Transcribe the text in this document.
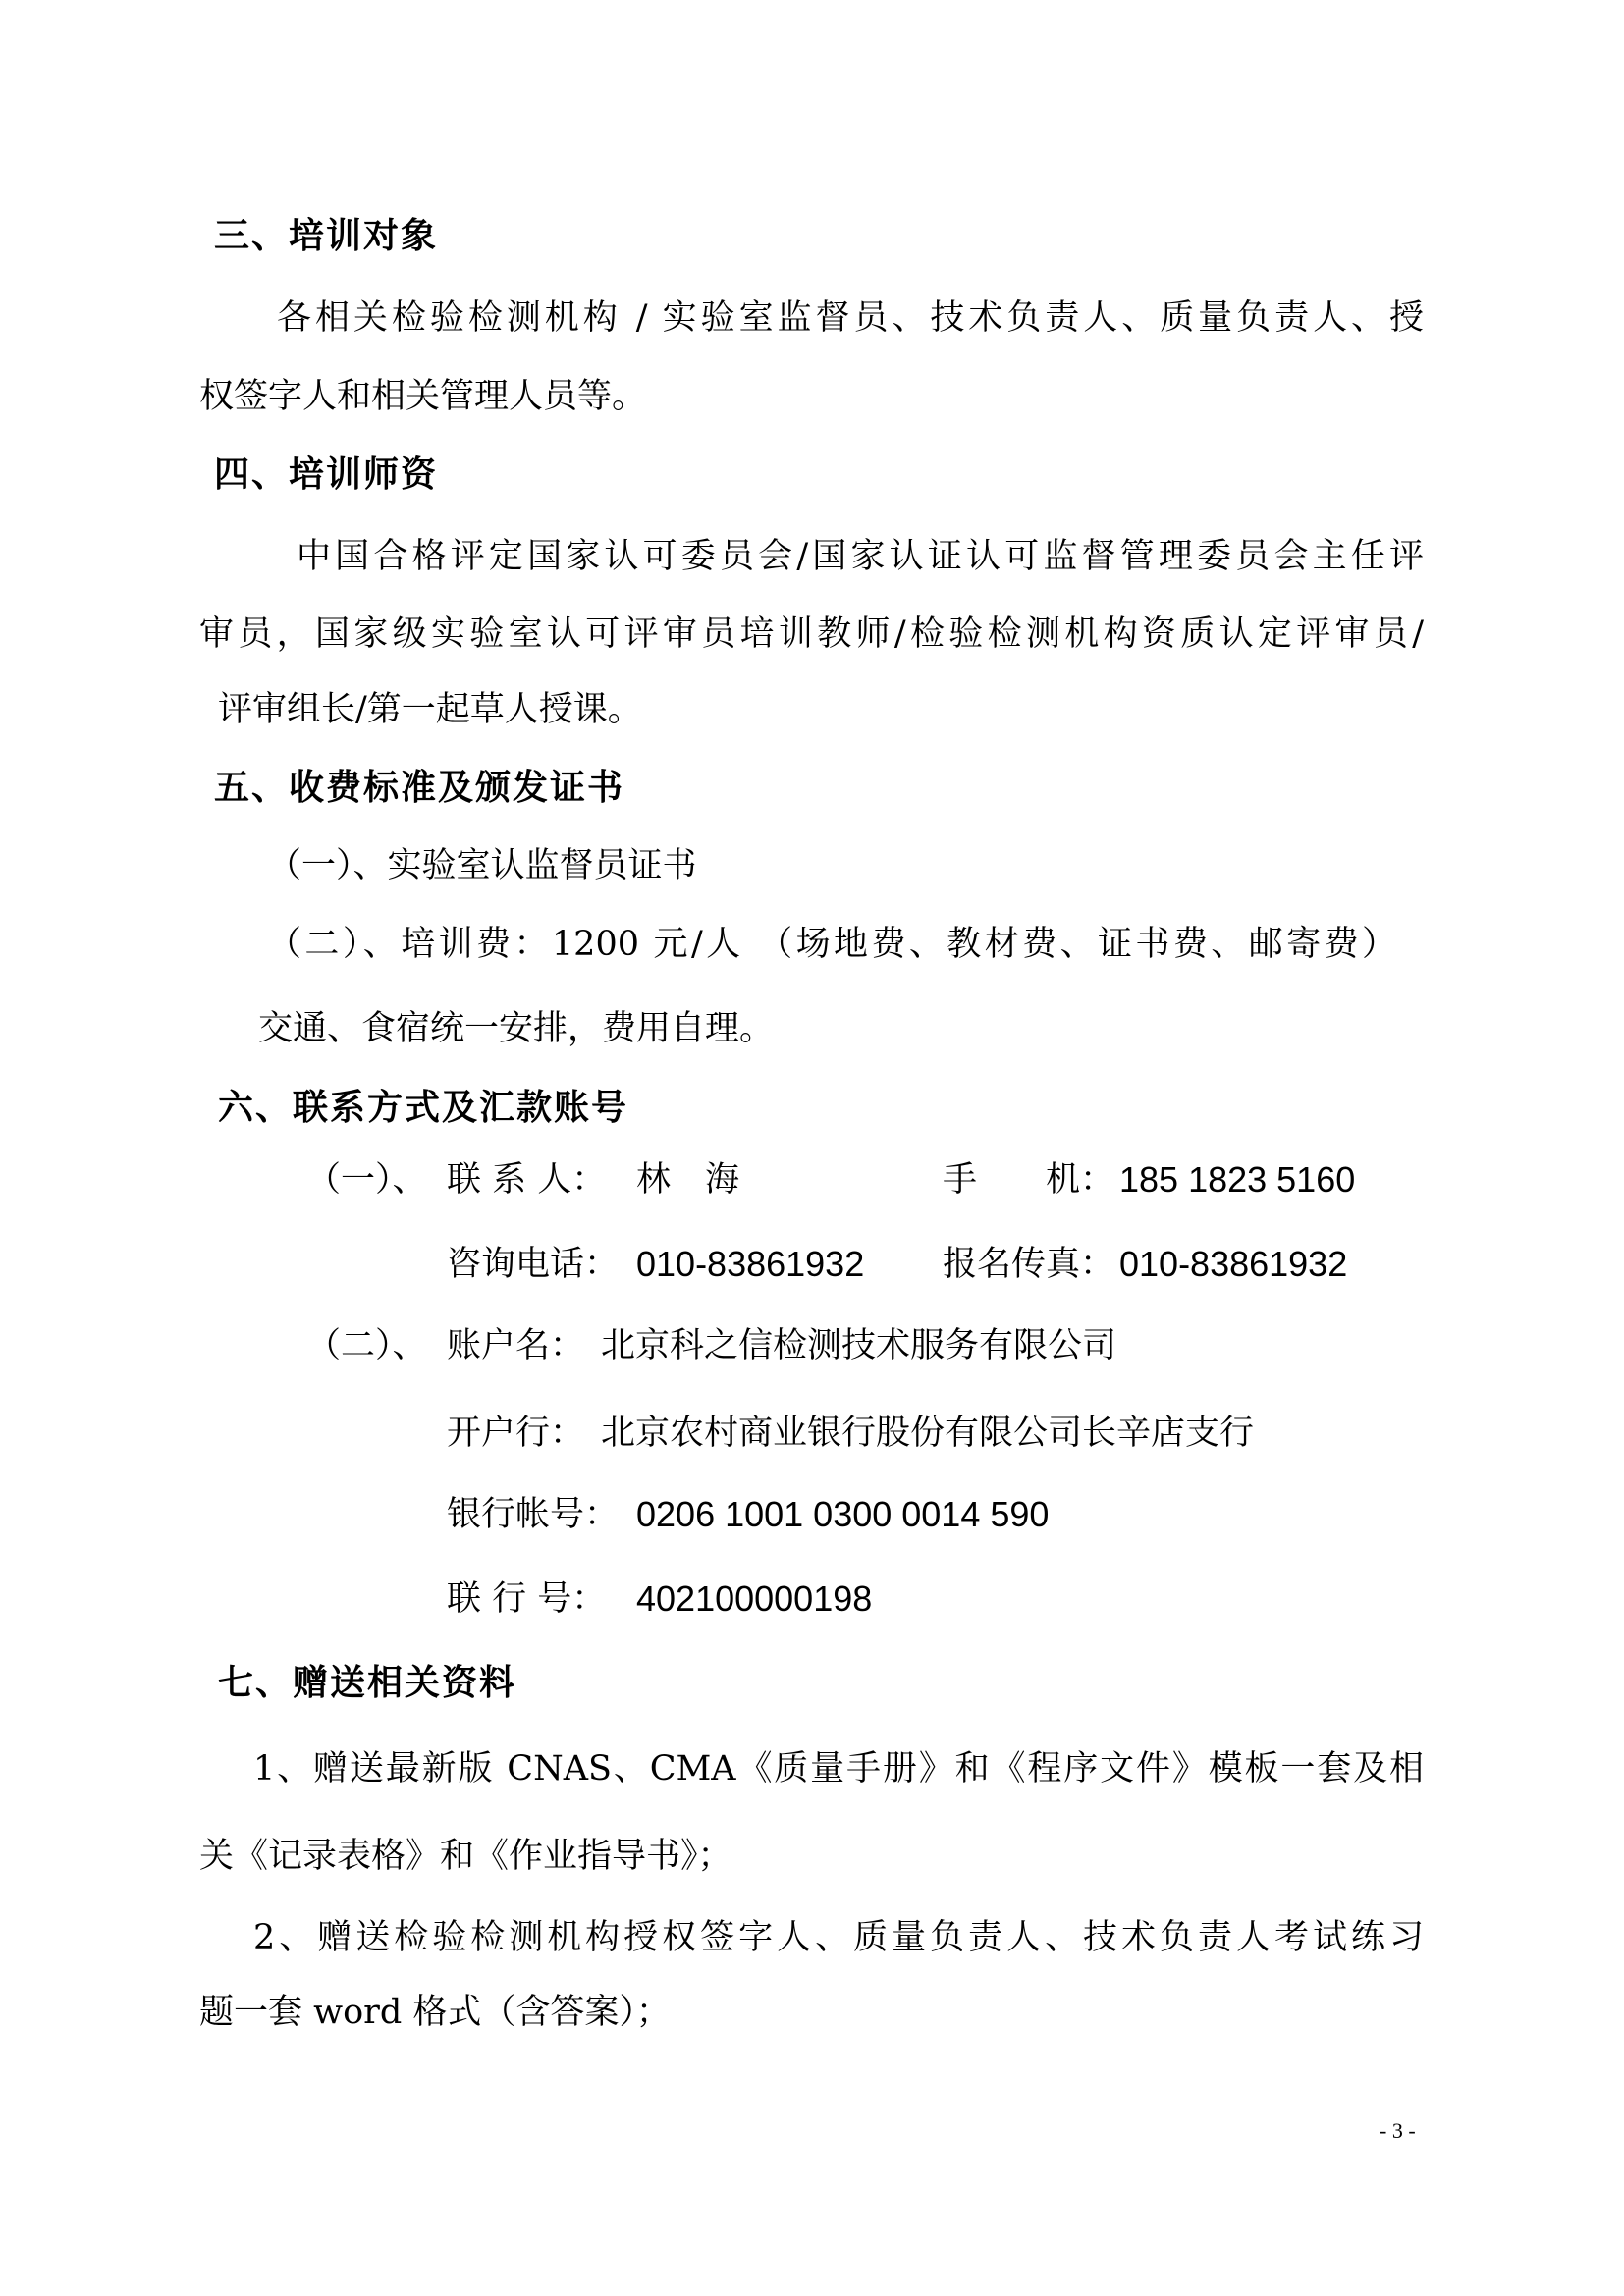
三、培训对象
各相关检验检测机构 / 实验室监督员、技术负责人、质量负责人、授
权签字人和相关管理人员等。
四、培训师资
中国合格评定国家认可委员会/国家认证认可监督管理委员会主任评
审员，国家级实验室认可评审员培训教师/检验检测机构资质认定评审员/
评审组长/第一起草人授课。
五、收费标准及颁发证书
（一）、实验室认监督员证书
（二）、培训费：1200 元/人 （场地费、教材费、证书费、邮寄费）
交通、食宿统一安排，费用自理。
六、联系方式及汇款账号
（一）、 联 系 人： 林　海	手　　机： 185 1823 5160
咨询电话： 010-83861932 报名传真： 010-83861932
（二）、 账户名： 北京科之信检测技术服务有限公司
开户行： 北京农村商业银行股份有限公司长辛店支行
银行帐号： 0206 1001 0300 0014 590
联 行 号： 402100000198
七、赠送相关资料
1、赠送最新版 CNAS、CMA《质量手册》和《程序文件》模板一套及相
关《记录表格》和《作业指导书》；
2、赠送检验检测机构授权签字人、质量负责人、技术负责人考试练习
题一套 word 格式（含答案）；
- 3 -
